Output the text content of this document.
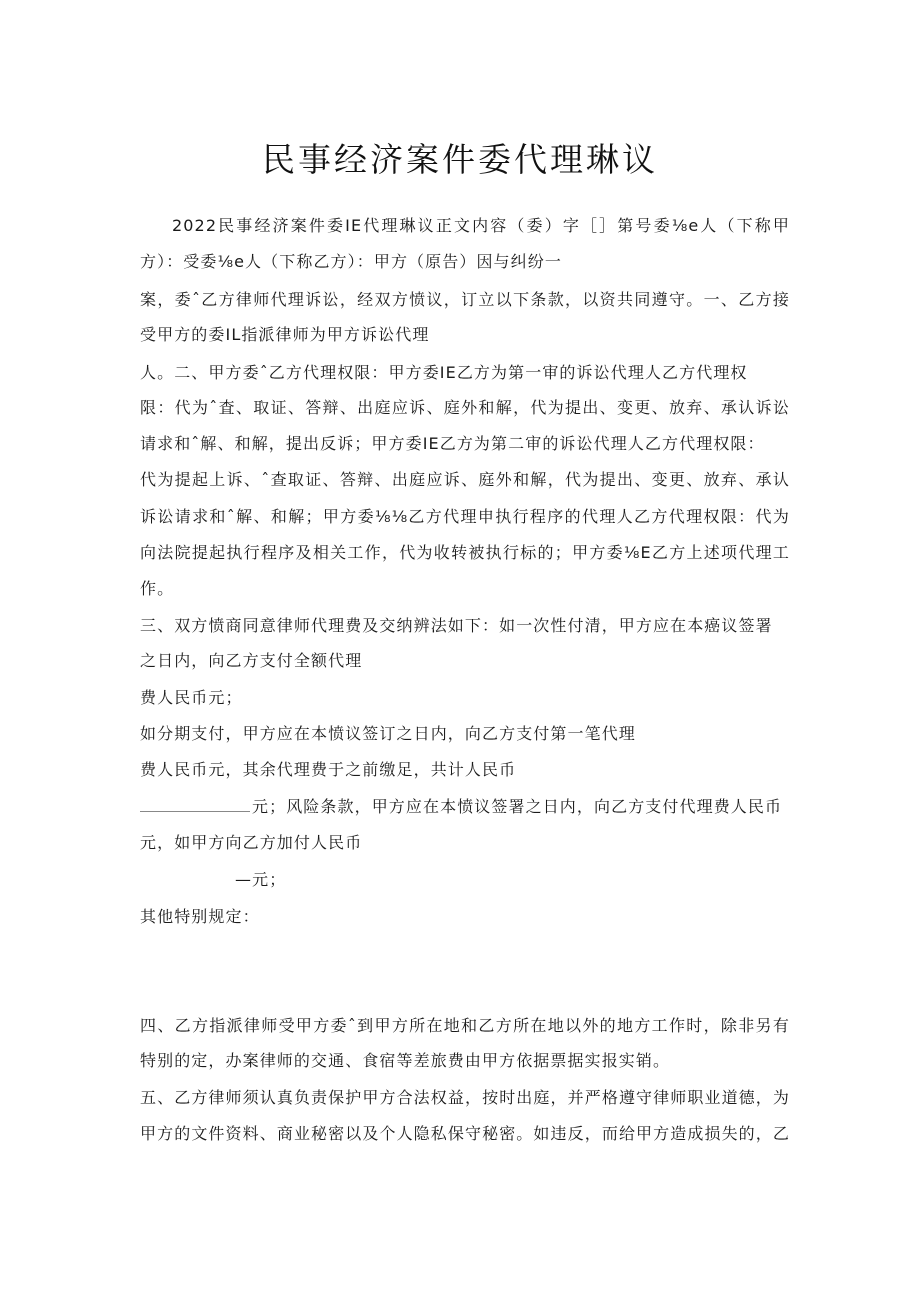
民事经济案件委代理琳议
2022民事经济案件委IE代理琳议正文内容（委）字［］第号委⅛e人（下称甲
方）：受委⅛e人（下称乙方）：甲方（原告）因与纠纷一
案，委ˆ乙方律师代理诉讼，经双方愤议，订立以下条款，以资共同遵守。一、乙方接
受甲方的委IL指派律师为甲方诉讼代理
人。二、甲方委ˆ乙方代理权限：甲方委IE乙方为第一审的诉讼代理人乙方代理权
限：代为ˆ査、取证、答辩、出庭应诉、庭外和解，代为提出、变更、放弃、承认诉讼
请求和ˆ解、和解，提出反诉；甲方委IE乙方为第二审的诉讼代理人乙方代理权限：
代为提起上诉、ˆ查取证、答辩、出庭应诉、庭外和解，代为提出、变更、放弃、承认
诉讼请求和ˆ解、和解；甲方委⅛⅛乙方代理申执行程序的代理人乙方代理权限：代为
向法院提起执行程序及相关工作，代为收转被执行标的；甲方委⅛E乙方上述项代理工
作。
三、双方愤商同意律师代理费及交纳辨法如下：如一次性付清，甲方应在本癌议签署
之日内，向乙方支付全额代理
费人民币元；
如分期支付，甲方应在本愤议签订之日内，向乙方支付第一笔代理
费人民币元，其余代理费于之前缴足，共计人民币
元；风险条款，甲方应在本愤议签署之日内，向乙方支付代理费人民币
元，如甲方向乙方加付人民币
—元；
其他特别规定：
四、乙方指派律师受甲方委ˆ到甲方所在地和乙方所在地以外的地方工作时，除非另有
特别的定，办案律师的交通、食宿等差旅费由甲方依据票据实报实销。
五、乙方律师须认真负责保护甲方合法权益，按时出庭，并严格遵守律师职业道德，为
甲方的文件资料、商业秘密以及个人隐私保守秘密。如违反，而给甲方造成损失的，乙
